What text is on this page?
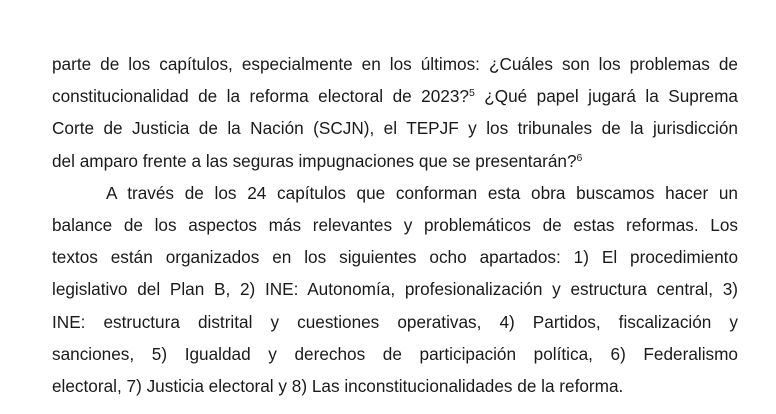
parte de los capítulos, especialmente en los últimos: ¿Cuáles son los problemas de
constitucionalidad de la reforma electoral de 2023?$^5$ ¿Qué papel jugará la Suprema
Corte de Justicia de la Nación (SCJN), el TEPJF y los tribunales de la jurisdicción
del amparo frente a las seguras impugnaciones que se presentarán?$^6$
A través de los 24 capítulos que conforman esta obra buscamos hacer un
balance de los aspectos más relevantes y problemáticos de estas reformas. Los
textos están organizados en los siguientes ocho apartados: 1) El procedimiento
legislativo del Plan B, 2) INE: Autonomía, profesionalización y estructura central, 3)
INE: estructura distrital y cuestiones operativas, 4) Partidos, fiscalización y
sanciones, 5) Igualdad y derechos de participación política, 6) Federalismo
electoral, 7) Justicia electoral y 8) Las inconstitucionalidades de la reforma.
